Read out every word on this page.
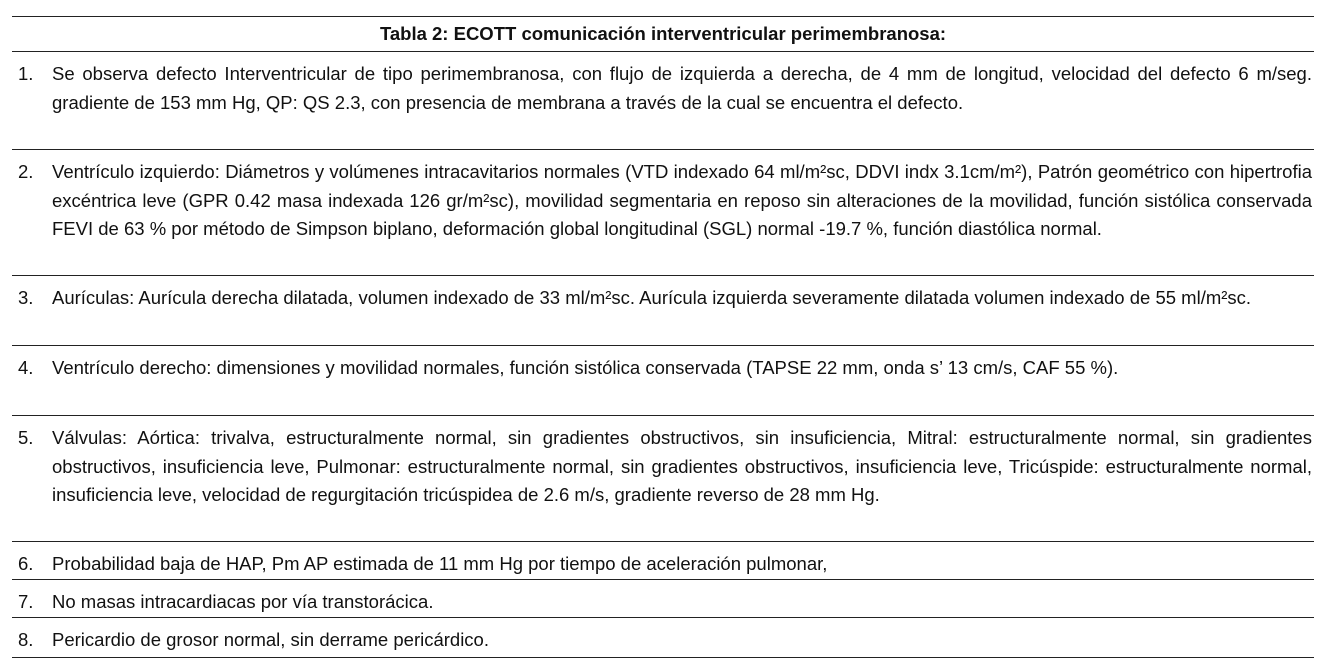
Tabla 2: ECOTT comunicación interventricular perimembranosa:
1.	Se observa defecto Interventricular de tipo perimembranosa, con flujo de izquierda a derecha, de 4 mm de longitud, velocidad del defecto 6 m/seg. gradiente de 153 mm Hg, QP: QS 2.3, con presencia de membrana a través de la cual se encuentra el defecto.
2.	Ventrículo izquierdo: Diámetros y volúmenes intracavitarios normales (VTD indexado 64 ml/m²sc, DDVI indx 3.1cm/m²), Patrón geométrico con hipertrofia excéntrica leve (GPR 0.42 masa indexada 126 gr/m²sc), movilidad segmentaria en reposo sin alteraciones de la movilidad, función sistólica conservada FEVI de 63 % por método de Simpson biplano, deformación global longitudinal (SGL) normal -19.7 %, función diastólica normal.
3.	Aurículas: Aurícula derecha dilatada, volumen indexado de 33 ml/m²sc. Aurícula izquierda severamente dilatada volumen indexado de 55 ml/m²sc.
4.	Ventrículo derecho: dimensiones y movilidad normales, función sistólica conservada (TAPSE 22 mm, onda s’ 13 cm/s, CAF 55 %).
5.	Válvulas: Aórtica: trivalva, estructuralmente normal, sin gradientes obstructivos, sin insuficiencia, Mitral: estructuralmente normal, sin gradientes obstructivos, insuficiencia leve, Pulmonar: estructuralmente normal, sin gradientes obstructivos, insuficiencia leve, Tricúspide: estructuralmente normal, insuficiencia leve, velocidad de regurgitación tricúspidea de 2.6 m/s, gradiente reverso de 28 mm Hg.
6.	Probabilidad baja de HAP, Pm AP estimada de 11 mm Hg por tiempo de aceleración pulmonar,
7.	No masas intracardiacas por vía transtorácica.
8.	Pericardio de grosor normal, sin derrame pericárdico.
